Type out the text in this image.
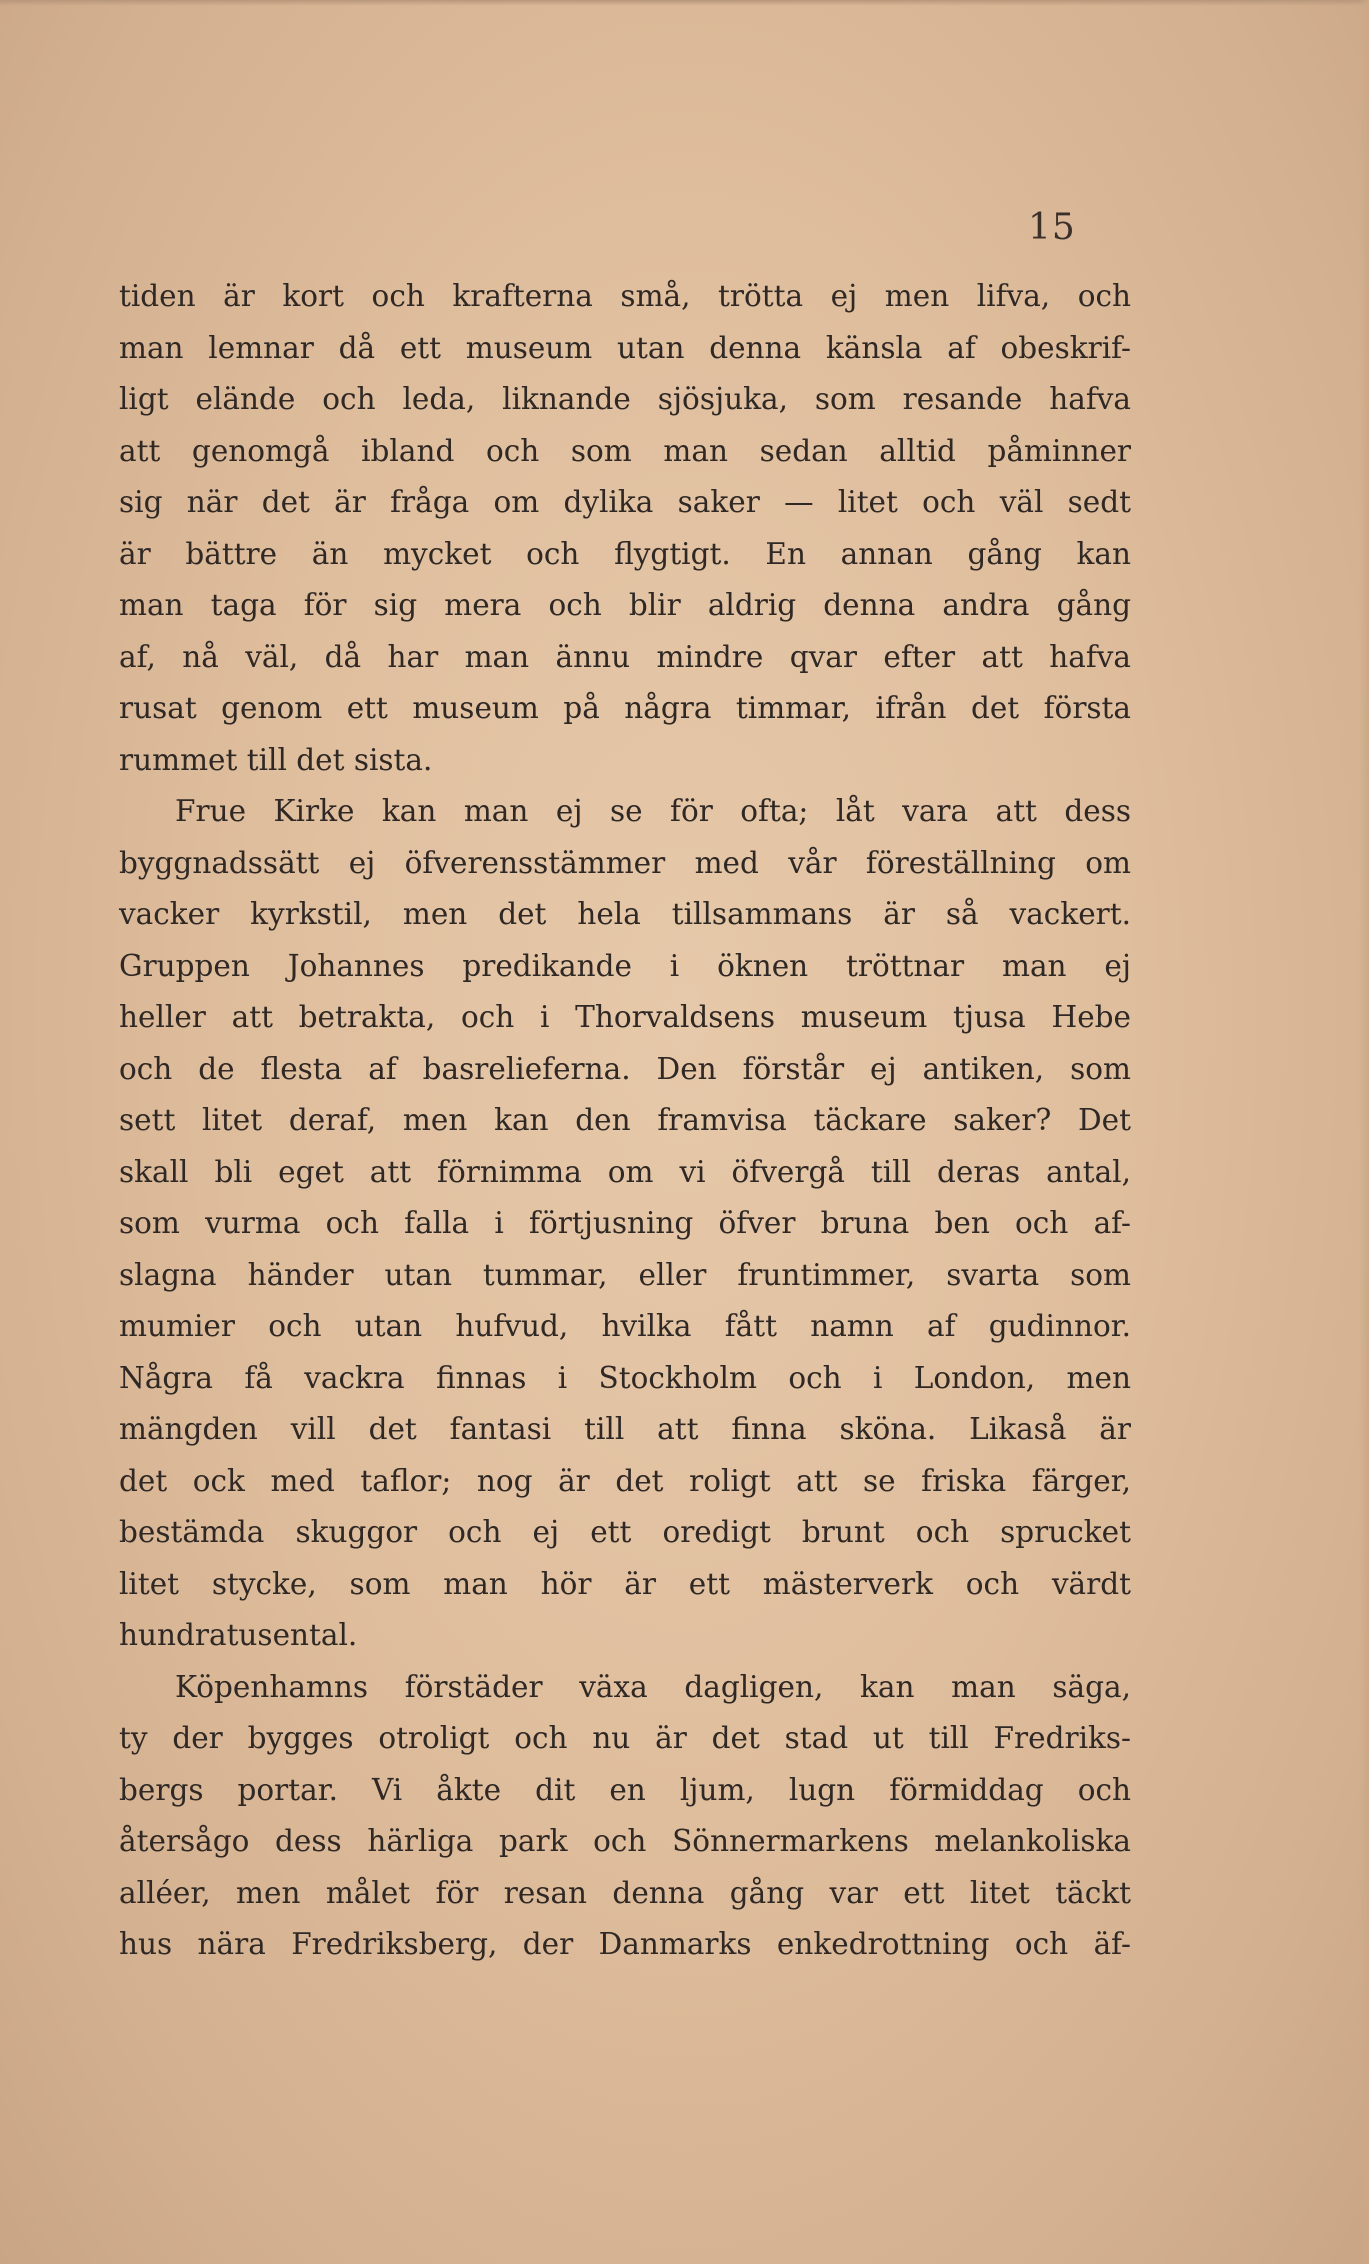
15
tiden är kort och krafterna små, trötta ej men lifva, och
man lemnar då ett museum utan denna känsla af obeskrif-
ligt elände och leda, liknande sjösjuka, som resande hafva
att genomgå ibland och som man sedan alltid påminner
sig när det är fråga om dylika saker — litet och väl sedt
är bättre än mycket och flygtigt. En annan gång kan
man taga för sig mera och blir aldrig denna andra gång
af, nå väl, då har man ännu mindre qvar efter att hafva
rusat genom ett museum på några timmar, ifrån det första
rummet till det sista.
Frue Kirke kan man ej se för ofta; låt vara att dess
byggnadssätt ej öfverensstämmer med vår föreställning om
vacker kyrkstil, men det hela tillsammans är så vackert.
Gruppen Johannes predikande i öknen tröttnar man ej
heller att betrakta, och i Thorvaldsens museum tjusa Hebe
och de flesta af basrelieferna. Den förstår ej antiken, som
sett litet deraf, men kan den framvisa täckare saker? Det
skall bli eget att förnimma om vi öfvergå till deras antal,
som vurma och falla i förtjusning öfver bruna ben och af-
slagna händer utan tummar, eller fruntimmer, svarta som
mumier och utan hufvud, hvilka fått namn af gudinnor.
Några få vackra finnas i Stockholm och i London, men
mängden vill det fantasi till att finna sköna. Likaså är
det ock med taflor; nog är det roligt att se friska färger,
bestämda skuggor och ej ett oredigt brunt och sprucket
litet stycke, som man hör är ett mästerverk och värdt
hundratusental.
Köpenhamns förstäder växa dagligen, kan man säga,
ty der bygges otroligt och nu är det stad ut till Fredriks-
bergs portar. Vi åkte dit en ljum, lugn förmiddag och
återsågo dess härliga park och Sönnermarkens melankoliska
alléer, men målet för resan denna gång var ett litet täckt
hus nära Fredriksberg, der Danmarks enkedrottning och äf-
